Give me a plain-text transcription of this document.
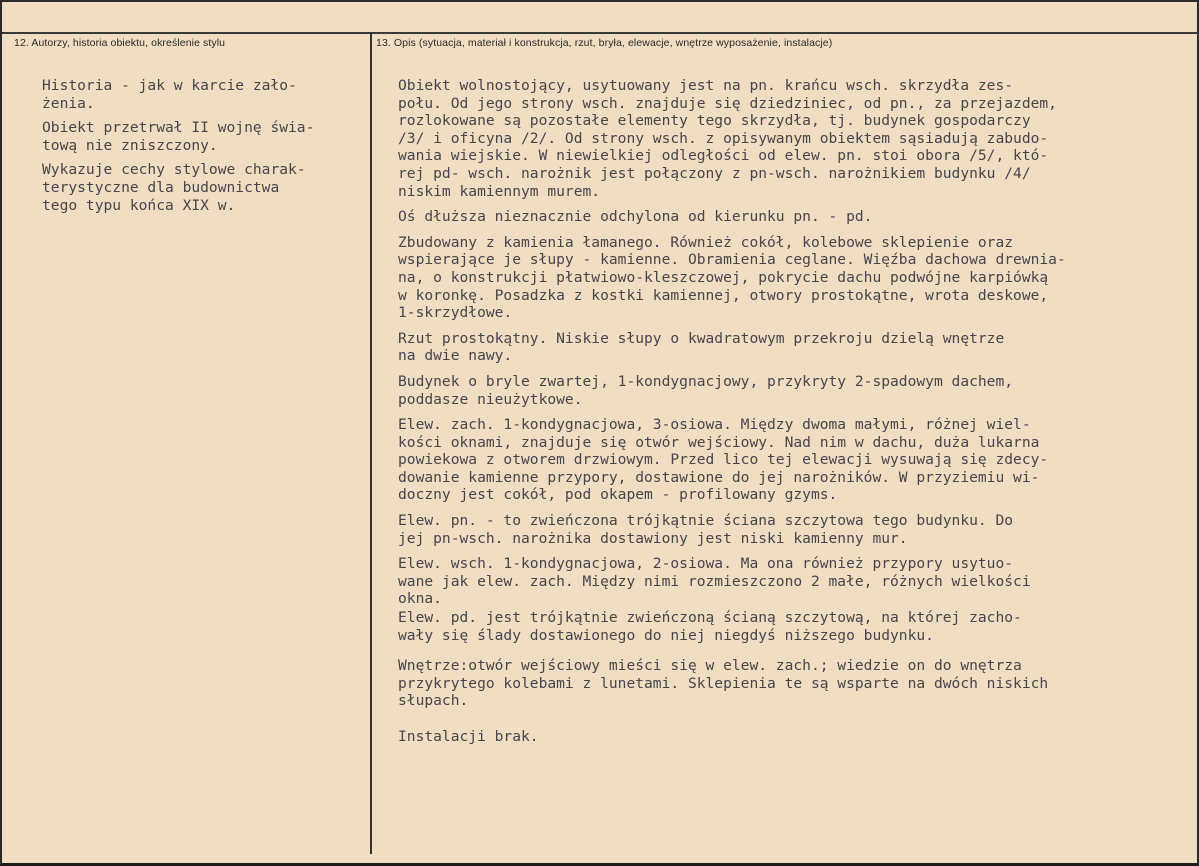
12. Autorzy, historia obiektu, określenie stylu	13. Opis (sytuacja, materiał i konstrukcja, rzut, bryła, elewacje, wnętrze wyposażenie, instalacje)

Historia - jak w karcie zało-
żenia.

Obiekt przetrwał II wojnę świa-
tową nie zniszczony.

Wykazuje cechy stylowe charak-
terystyczne dla budownictwa
tego typu końca XIX w.

Obiekt wolnostojący, usytuowany jest na pn. krańcu wsch. skrzydła zes-
połu. Od jego strony wsch. znajduje się dziedziniec, od pn., za przejazdem,
rozlokowane są pozostałe elementy tego skrzydła, tj. budynek gospodarczy
/3/ i oficyna /2/. Od strony wsch. z opisywanym obiektem sąsiadują zabudo-
wania wiejskie. W niewielkiej odległości od elew. pn. stoi obora /5/, któ-
rej pd- wsch. narożnik jest połączony z pn-wsch. narożnikiem budynku /4/
niskim kamiennym murem.

Oś dłuższa nieznacznie odchylona od kierunku pn. - pd.

Zbudowany z kamienia łamanego. Również cokół, kolebowe sklepienie oraz
wspierające je słupy - kamienne. Obramienia ceglane. Więźba dachowa drewnia-
na, o konstrukcji płatwiowo-kleszczowej, pokrycie dachu podwójne karpiówką
w koronkę. Posadzka z kostki kamiennej, otwory prostokątne, wrota deskowe,
1-skrzydłowe.

Rzut prostokątny. Niskie słupy o kwadratowym przekroju dzielą wnętrze
na dwie nawy.

Budynek o bryle zwartej, 1-kondygnacjowy, przykryty 2-spadowym dachem,
poddasze nieużytkowe.

Elew. zach. 1-kondygnacjowa, 3-osiowa. Między dwoma małymi, różnej wiel-
kości oknami, znajduje się otwór wejściowy. Nad nim w dachu, duża lukarna
powiekowa z otworem drzwiowym. Przed lico tej elewacji wysuwają się zdecy-
dowanie kamienne przypory, dostawione do jej narożników. W przyziemiu wi-
doczny jest cokół, pod okapem - profilowany gzyms.

Elew. pn. - to zwieńczona trójkątnie ściana szczytowa tego budynku. Do
jej pn-wsch. narożnika dostawiony jest niski kamienny mur.

Elew. wsch. 1-kondygnacjowa, 2-osiowa. Ma ona również przypory usytuo-
wane jak elew. zach. Między nimi rozmieszczono 2 małe, różnych wielkości
okna.

Elew. pd. jest trójkątnie zwieńczoną ścianą szczytową, na której zacho-
wały się ślady dostawionego do niej niegdyś niższego budynku.

Wnętrze:otwór wejściowy mieści się w elew. zach.; wiedzie on do wnętrza
przykrytego kolebami z lunetami. Sklepienia te są wsparte na dwóch niskich
słupach.

Instalacji brak.
